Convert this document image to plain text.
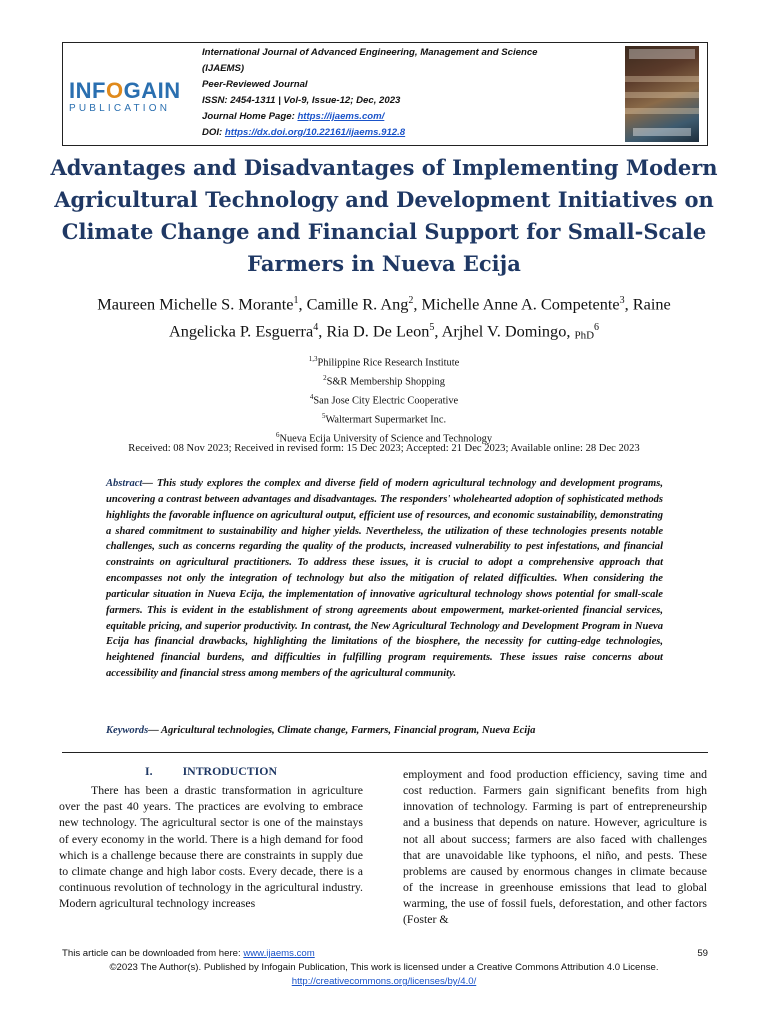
INFOGAIN
PUBLICATION
International Journal of Advanced Engineering, Management and Science
(IJAEMS)
Peer-Reviewed Journal
ISSN: 2454-1311 | Vol-9, Issue-12; Dec, 2023
Journal Home Page: https://ijaems.com/
DOI: https://dx.doi.org/10.22161/ijaems.912.8
Advantages and Disadvantages of Implementing Modern Agricultural Technology and Development Initiatives on Climate Change and Financial Support for Small-Scale Farmers in Nueva Ecija
Maureen Michelle S. Morante$^1$, Camille R. Ang$^2$, Michelle Anne A. Competente$^3$, Raine
Angelicka P. Esguerra$^4$, Ria D. De Leon$^5$, Arjhel V. Domingo, PhD$^6$
$^{1,3}$Philippine Rice Research Institute
$^2$S&R Membership Shopping
$^4$San Jose City Electric Cooperative
$^5$Waltermart Supermarket Inc.
$^6$Nueva Ecija University of Science and Technology
Received: 08 Nov 2023; Received in revised form: 15 Dec 2023; Accepted: 21 Dec 2023; Available online: 28 Dec 2023
Abstract— This study explores the complex and diverse field of modern agricultural technology and development programs, uncovering a contrast between advantages and disadvantages. The responders' wholehearted adoption of sophisticated methods highlights the favorable influence on agricultural output, efficient use of resources, and economic sustainability, demonstrating a shared commitment to sustainability and higher yields. Nevertheless, the utilization of these technologies presents notable challenges, such as concerns regarding the quality of the products, increased vulnerability to pest infestations, and financial constraints on agricultural practitioners. To address these issues, it is crucial to adopt a comprehensive approach that encompasses not only the integration of technology but also the mitigation of related difficulties. When considering the particular situation in Nueva Ecija, the implementation of innovative agricultural technology shows potential for small-scale farmers. This is evident in the establishment of strong agreements about empowerment, market-oriented financial services, equitable pricing, and superior productivity. In contrast, the New Agricultural Technology and Development Program in Nueva Ecija has financial drawbacks, highlighting the limitations of the biosphere, the necessity for cutting-edge technologies, heightened financial burdens, and difficulties in fulfilling program requirements. These issues raise concerns about accessibility and financial stress among members of the agricultural community.
Keywords— Agricultural technologies, Climate change, Farmers, Financial program, Nueva Ecija
I.	INTRODUCTION
There has been a drastic transformation in agriculture over the past 40 years. The practices are evolving to embrace new technology. The agricultural sector is one of the mainstays of every economy in the world. There is a high demand for food which is a challenge because there are constraints in supply due to climate change and high labor costs. Every decade, there is a continuous revolution of technology in the agricultural industry. Modern agricultural technology increases
employment and food production efficiency, saving time and cost reduction. Farmers gain significant benefits from high innovation of technology. Farming is part of entrepreneurship and a business that depends on nature. However, agriculture is not all about success; farmers are also faced with challenges that are unavoidable like typhoons, el niño, and pests. These problems are caused by enormous changes in climate because of the increase in greenhouse emissions that lead to global warming, the use of fossil fuels, deforestation, and other factors (Foster &
This article can be downloaded from here: www.ijaems.com	59
©2023 The Author(s). Published by Infogain Publication, This work is licensed under a Creative Commons Attribution 4.0 License.
http://creativecommons.org/licenses/by/4.0/
